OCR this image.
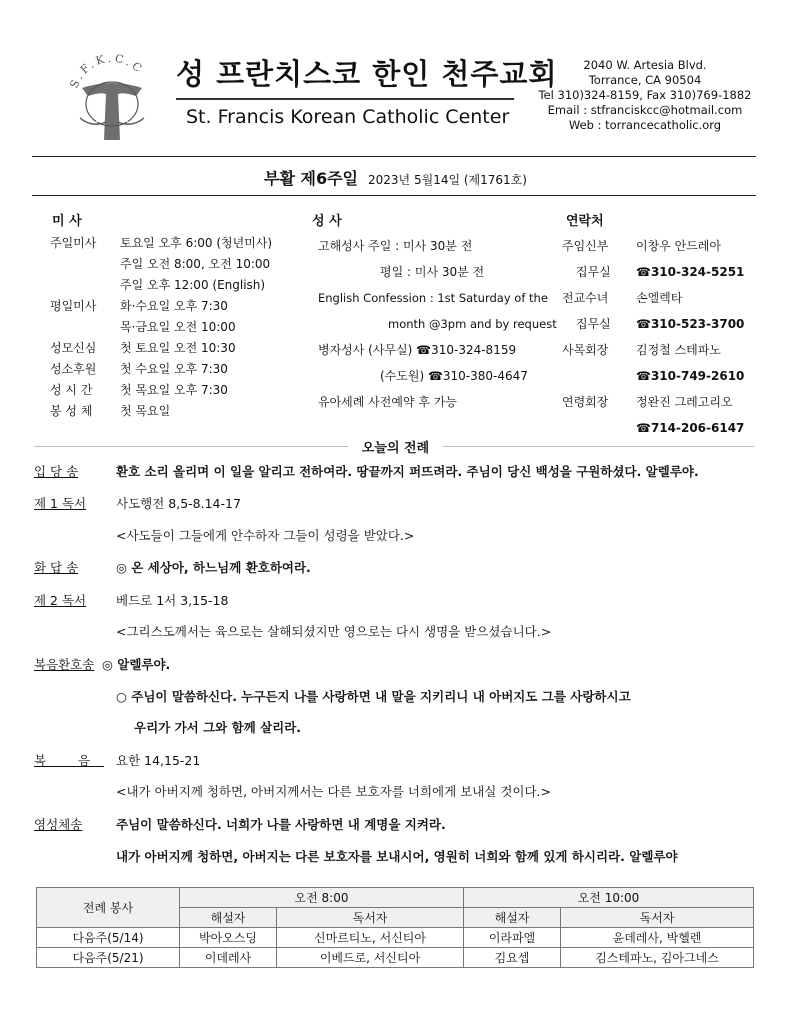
S.F.K.C.C 성 프란치스코 한인 천주교회
St. Francis Korean Catholic Center
2040 W. Artesia Blvd.
Torrance, CA 90504
Tel 310)324-8159, Fax 310)769-1882
Email : stfranciskcc@hotmail.com
Web : torrancecatholic.org
부활 제6주일 2023년 5월14일 (제1761호)
미 사
주일미사 토요일 오후 6:00 (청년미사)
주일 오전 8:00, 오전 10:00
주일 오후 12:00 (English)
평일미사 화·수요일 오후 7:30
목·금요일 오전 10:00
성모신심 첫 토요일 오전 10:30
성소후원 첫 수요일 오후 7:30
성 시 간 첫 목요일 오후 7:30
봉 성 체 첫 목요일
성 사
고해성사 주일 : 미사 30분 전
평일 : 미사 30분 전
English Confession : 1st Saturday of the
month @3pm and by request
병자성사 (사무실) ☎310-324-8159
(수도원) ☎310-380-4647
유아세례 사전예약 후 가능
연락처
주임신부 이창우 안드레아
집무실 ☎310-324-5251
전교수녀 손엘렉타
집무실 ☎310-523-3700
사목회장 김정철 스테파노
☎310-749-2610
연령회장 정완진 그레고리오
☎714-206-6147
오늘의 전례
입 당 송	환호 소리 올리며 이 일을 알리고 전하여라. 땅끝까지 퍼뜨려라. 주님이 당신 백성을 구원하셨다. 알렐루야.
제 1 독서 사도행전 8,5-8.14-17
<사도들이 그들에게 안수하자 그들이 성령을 받았다.>
화 답 송	◎ 온 세상아, 하느님께 환호하여라.
제 2 독서 베드로 1서 3,15-18
<그리스도께서는 육으로는 살해되셨지만 영으로는 다시 생명을 받으셨습니다.>
복음환호송 ◎ 알렐루야.
○ 주님이 말씀하신다. 누구든지 나를 사랑하면 내 말을 지키리니 내 아버지도 그를 사랑하시고
우리가 가서 그와 함께 살리라.
복 음 요한 14,15-21
<내가 아버지께 청하면, 아버지께서는 다른 보호자를 너희에게 보내실 것이다.>
영성체송	주님이 말씀하신다. 너희가 나를 사랑하면 내 계명을 지켜라.
내가 아버지께 청하면, 아버지는 다른 보호자를 보내시어, 영원히 너희와 함께 있게 하시리라. 알렐루야
전례 봉사	오전 8:00		오전 10:00	
	해설자	독서자	해설자	독서자
다음주(5/14)	박아오스딩	신마르티노, 서신티아	이라파엘	윤데레사, 박헬렌
다음주(5/21)	이데레사	이베드로, 서신티아	김요셉	김스테파노, 김아그네스
